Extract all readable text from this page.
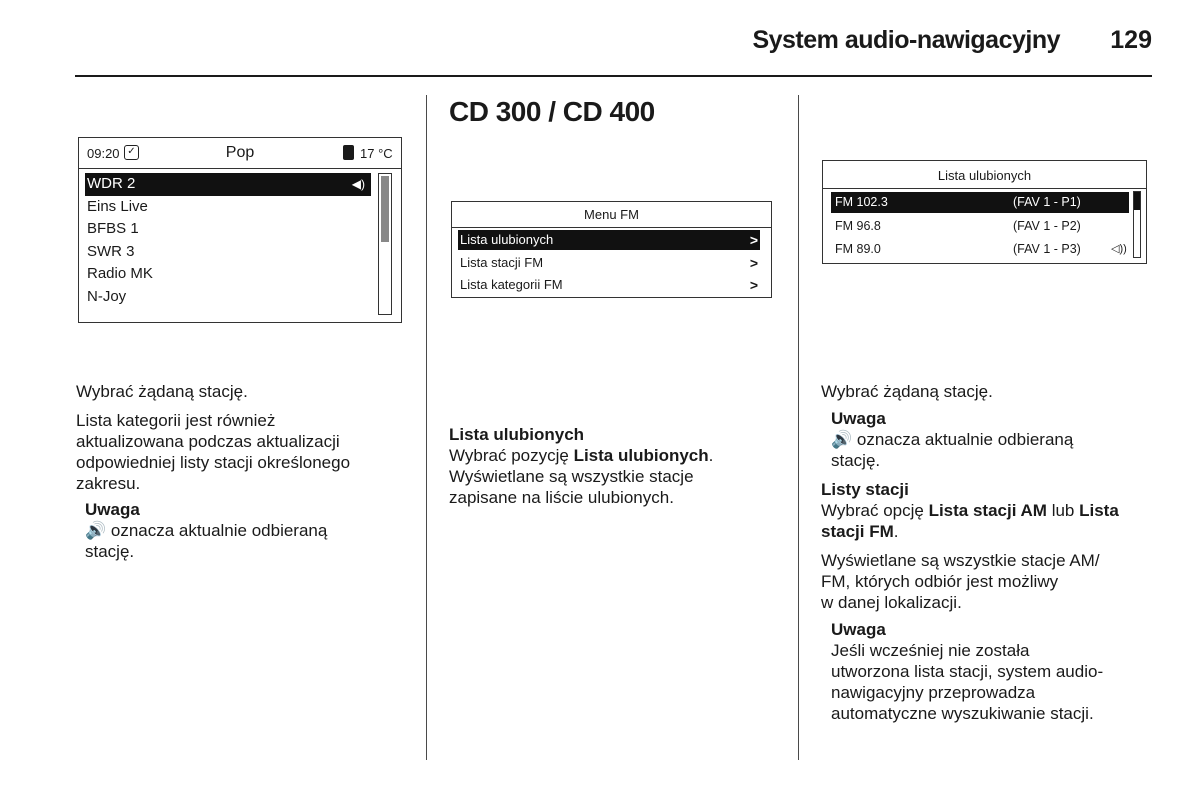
System audio-nawigacyjny	129
09:20 ✓	Pop	17 °C
WDR 2	◀)
Eins Live
BFBS 1
SWR 3
Radio MK
N-Joy
Wybrać żądaną stację.
Lista kategorii jest również
aktualizowana podczas aktualizacji
odpowiedniej listy stacji określonego
zakresu.
Uwaga
🔊 oznacza aktualnie odbieraną
stację.
CD 300 / CD 400
Menu FM
Lista ulubionych	>
Lista stacji FM	>
Lista kategorii FM	>
Lista ulubionych
Wybrać pozycję Lista ulubionych.
Wyświetlane są wszystkie stacje
zapisane na liście ulubionych.
Lista ulubionych
FM 102.3	(FAV 1 - P1)
FM 96.8	(FAV 1 - P2)
FM 89.0	(FAV 1 - P3)	◁))
Wybrać żądaną stację.
Uwaga
🔊 oznacza aktualnie odbieraną
stację.
Listy stacji
Wybrać opcję Lista stacji AM lub Lista
stacji FM.
Wyświetlane są wszystkie stacje AM/
FM, których odbiór jest możliwy
w danej lokalizacji.
Uwaga
Jeśli wcześniej nie została
utworzona lista stacji, system audio-
nawigacyjny przeprowadza
automatyczne wyszukiwanie stacji.
